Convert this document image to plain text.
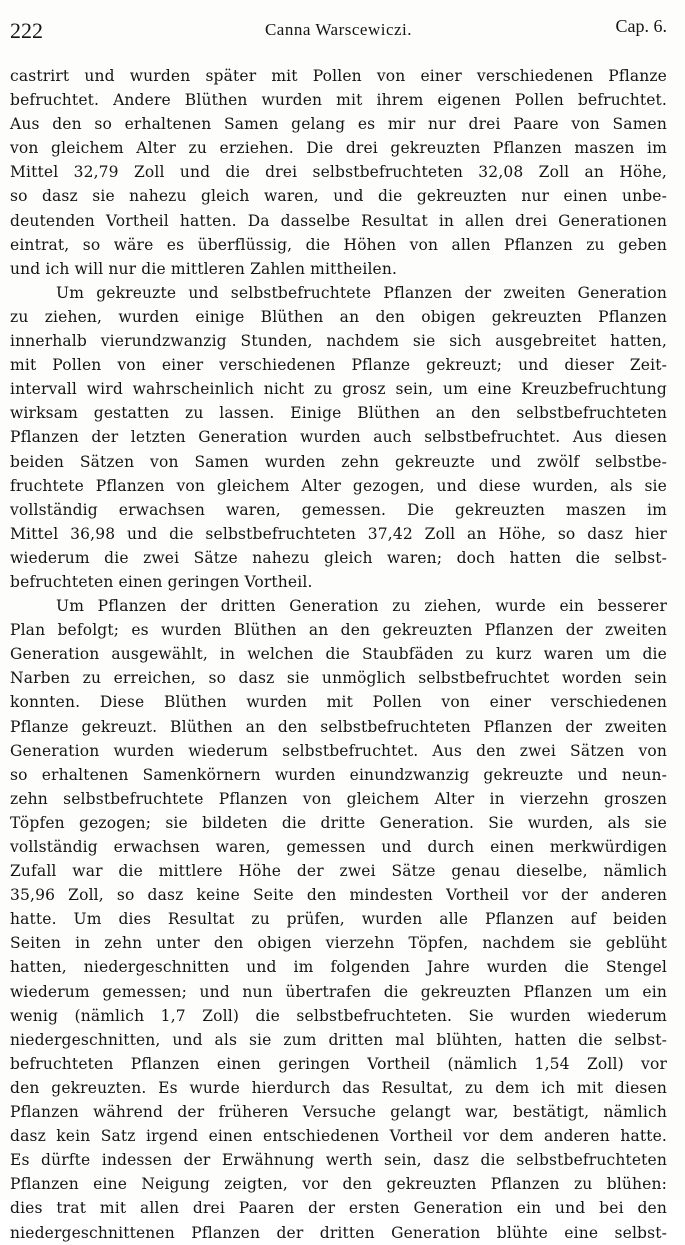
222	Canna Warscewiczi.	Cap. 6.
castrirt und wurden später mit Pollen von einer verschiedenen Pflanze
befruchtet. Andere Blüthen wurden mit ihrem eigenen Pollen befruchtet.
Aus den so erhaltenen Samen gelang es mir nur drei Paare von Samen
von gleichem Alter zu erziehen. Die drei gekreuzten Pflanzen maszen im
Mittel 32,79 Zoll und die drei selbstbefruchteten 32,08 Zoll an Höhe,
so dasz sie nahezu gleich waren, und die gekreuzten nur einen unbe-
deutenden Vortheil hatten. Da dasselbe Resultat in allen drei Generationen
eintrat, so wäre es überflüssig, die Höhen von allen Pflanzen zu geben
und ich will nur die mittleren Zahlen mittheilen.
Um gekreuzte und selbstbefruchtete Pflanzen der zweiten Generation
zu ziehen, wurden einige Blüthen an den obigen gekreuzten Pflanzen
innerhalb vierundzwanzig Stunden, nachdem sie sich ausgebreitet hatten,
mit Pollen von einer verschiedenen Pflanze gekreuzt; und dieser Zeit-
intervall wird wahrscheinlich nicht zu grosz sein, um eine Kreuzbefruchtung
wirksam gestatten zu lassen. Einige Blüthen an den selbstbefruchteten
Pflanzen der letzten Generation wurden auch selbstbefruchtet. Aus diesen
beiden Sätzen von Samen wurden zehn gekreuzte und zwölf selbstbe-
fruchtete Pflanzen von gleichem Alter gezogen, und diese wurden, als sie
vollständig erwachsen waren, gemessen. Die gekreuzten maszen im
Mittel 36,98 und die selbstbefruchteten 37,42 Zoll an Höhe, so dasz hier
wiederum die zwei Sätze nahezu gleich waren; doch hatten die selbst-
befruchteten einen geringen Vortheil.
Um Pflanzen der dritten Generation zu ziehen, wurde ein besserer
Plan befolgt; es wurden Blüthen an den gekreuzten Pflanzen der zweiten
Generation ausgewählt, in welchen die Staubfäden zu kurz waren um die
Narben zu erreichen, so dasz sie unmöglich selbstbefruchtet worden sein
konnten. Diese Blüthen wurden mit Pollen von einer verschiedenen
Pflanze gekreuzt. Blüthen an den selbstbefruchteten Pflanzen der zweiten
Generation wurden wiederum selbstbefruchtet. Aus den zwei Sätzen von
so erhaltenen Samenkörnern wurden einundzwanzig gekreuzte und neun-
zehn selbstbefruchtete Pflanzen von gleichem Alter in vierzehn groszen
Töpfen gezogen; sie bildeten die dritte Generation. Sie wurden, als sie
vollständig erwachsen waren, gemessen und durch einen merkwürdigen
Zufall war die mittlere Höhe der zwei Sätze genau dieselbe, nämlich
35,96 Zoll, so dasz keine Seite den mindesten Vortheil vor der anderen
hatte. Um dies Resultat zu prüfen, wurden alle Pflanzen auf beiden
Seiten in zehn unter den obigen vierzehn Töpfen, nachdem sie geblüht
hatten, niedergeschnitten und im folgenden Jahre wurden die Stengel
wiederum gemessen; und nun übertrafen die gekreuzten Pflanzen um ein
wenig (nämlich 1,7 Zoll) die selbstbefruchteten. Sie wurden wiederum
niedergeschnitten, und als sie zum dritten mal blühten, hatten die selbst-
befruchteten Pflanzen einen geringen Vortheil (nämlich 1,54 Zoll) vor
den gekreuzten. Es wurde hierdurch das Resultat, zu dem ich mit diesen
Pflanzen während der früheren Versuche gelangt war, bestätigt, nämlich
dasz kein Satz irgend einen entschiedenen Vortheil vor dem anderen hatte.
Es dürfte indessen der Erwähnung werth sein, dasz die selbstbefruchteten
Pflanzen eine Neigung zeigten, vor den gekreuzten Pflanzen zu blühen:
dies trat mit allen drei Paaren der ersten Generation ein und bei den
niedergeschnittenen Pflanzen der dritten Generation blühte eine selbst-
